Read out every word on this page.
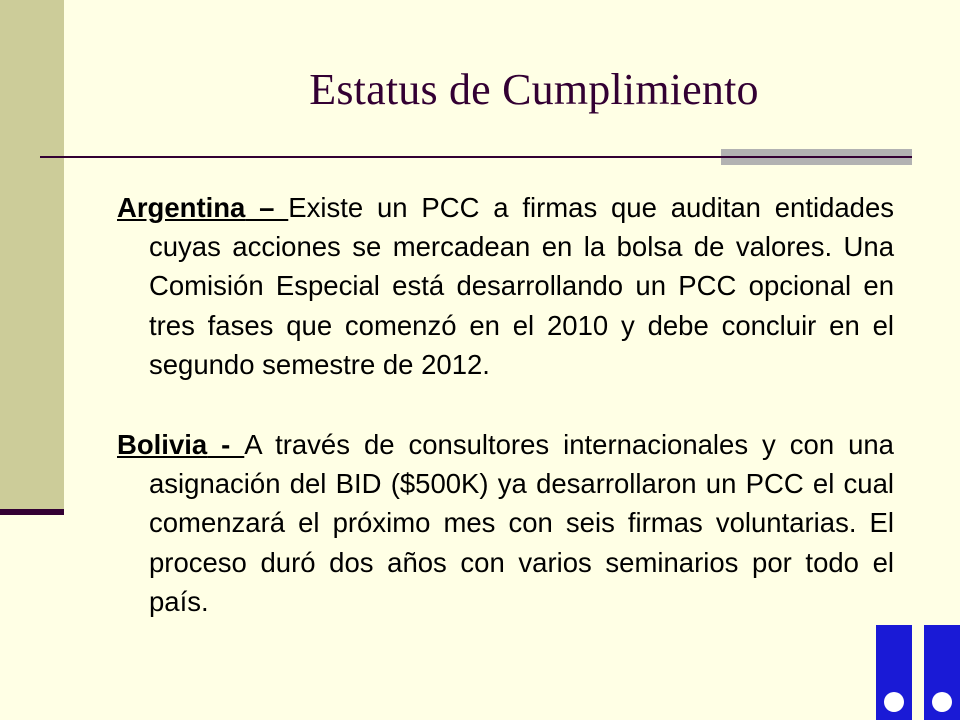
Estatus de Cumplimiento

Argentina – Existe un PCC a firmas que auditan entidades cuyas acciones se mercadean en la bolsa de valores. Una Comisión Especial está desarrollando un PCC opcional en tres fases que comenzó en el 2010 y debe concluir en el segundo semestre de 2012.

Bolivia - A través de consultores internacionales y con una asignación del BID ($500K) ya desarrollaron un PCC el cual comenzará el próximo mes con seis firmas voluntarias. El proceso duró dos años con varios seminarios por todo el país.
